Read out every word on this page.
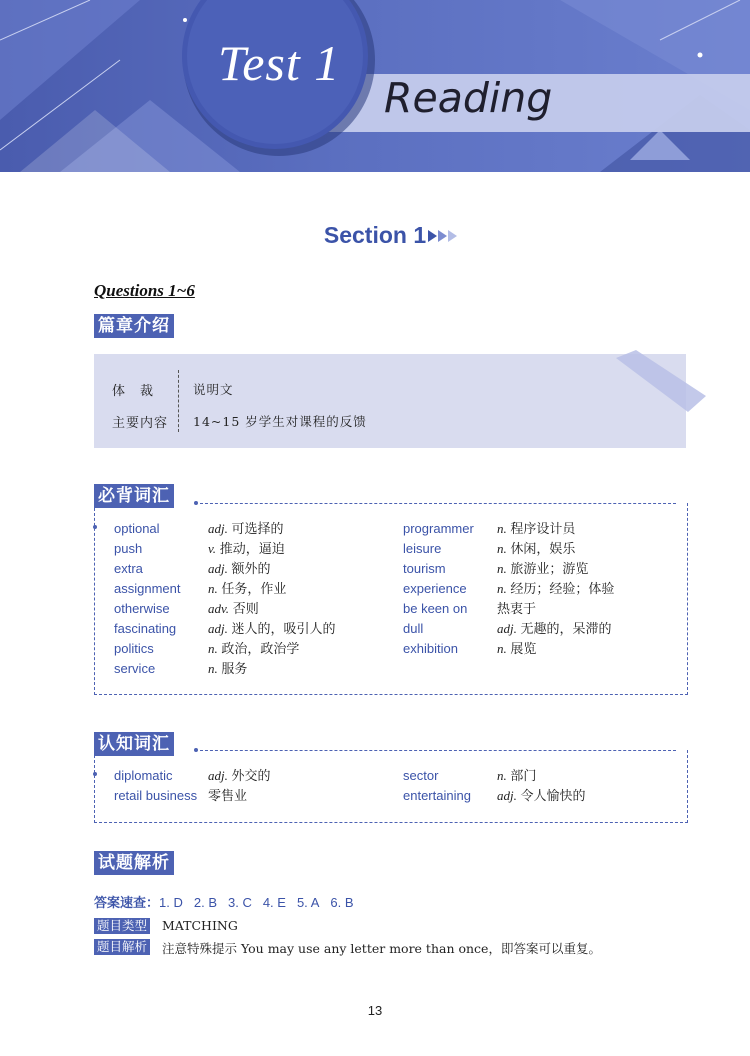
Test 1
Reading
Section 1
Questions 1~6
篇章介绍
体　裁	说明文
主要内容 14~15 岁学生对课程的反馈
必背词汇
optional	adj. 可选择的
push	v. 推动，逼迫
extra	adj. 额外的
assignment n. 任务，作业
otherwise	adv. 否则
fascinating adj. 迷人的，吸引人的
politics	n. 政治，政治学
service	n. 服务
programmer n. 程序设计员
leisure	n. 休闲，娱乐
tourism	n. 旅游业；游览
experience n. 经历；经验；体验
be keen on 热衷于
dull	adj. 无趣的，呆滞的
exhibition	n. 展览
认知词汇
diplomatic	adj. 外交的
retail business 零售业
sector	n. 部门
entertaining adj. 令人愉快的
试题解析
答案速查：1. D 2. B 3. C 4. E 5. A 6. B
题目类型 MATCHING
题目解析 注意特殊提示 You may use any letter more than once，即答案可以重复。
13
